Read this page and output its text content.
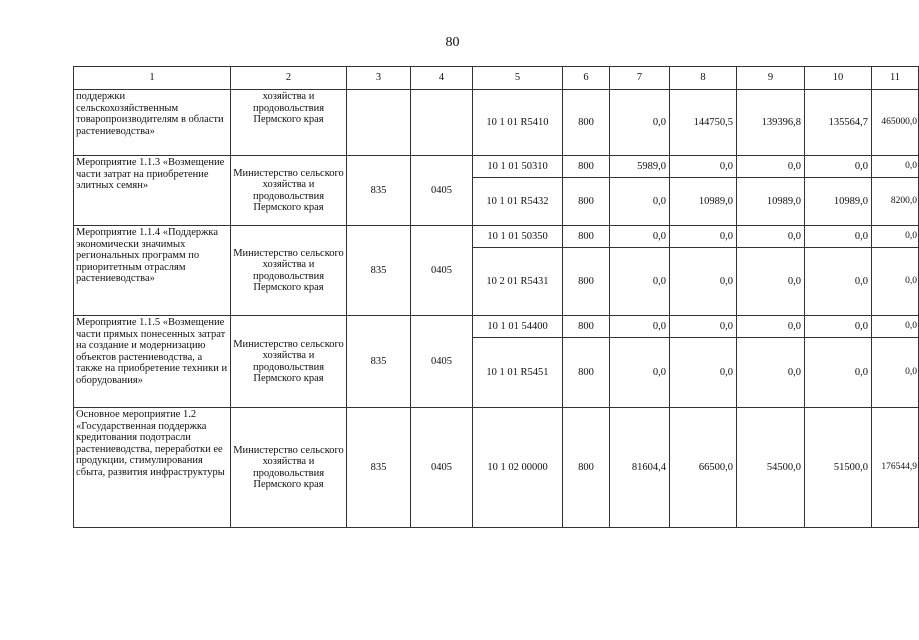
80
1	2	3	4	5	6	7	8	9	10	11
поддержки сельскохозяйственным товаропроизводителям в области растениеводства»	хозяйства и продовольствия Пермского края			10 1 01 R5410	800	0,0	144750,5	139396,8	135564,7	465000,0
Мероприятие 1.1.3 «Возмещение части затрат на приобретение элитных семян»	Министерство сельского хозяйства и продовольствия Пермского края	835	0405	10 1 01 50310	800	5989,0	0,0	0,0	0,0	0,0
				10 1 01 R5432	800	0,0	10989,0	10989,0	10989,0	8200,0
Мероприятие 1.1.4 «Поддержка экономически значимых региональных программ по приоритетным отраслям растениеводства»	Министерство сельского хозяйства и продовольствия Пермского края	835	0405	10 1 01 50350	800	0,0	0,0	0,0	0,0	0,0
				10 2 01 R5431	800	0,0	0,0	0,0	0,0	0,0
Мероприятие 1.1.5 «Возмещение части прямых понесенных затрат на создание и модернизацию объектов растениеводства, а также на приобретение техники и оборудования»	Министерство сельского хозяйства и продовольствия Пермского края	835	0405	10 1 01 54400	800	0,0	0,0	0,0	0,0	0,0
				10 1 01 R5451	800	0,0	0,0	0,0	0,0	0,0
Основное мероприятие 1.2 «Государственная поддержка кредитования подотрасли растениеводства, переработки ее продукции, стимулирования сбыта, развития инфраструктуры	Министерство сельского хозяйства и продовольствия Пермского края	835	0405	10 1 02 00000	800	81604,4	66500,0	54500,0	51500,0	176544,9
